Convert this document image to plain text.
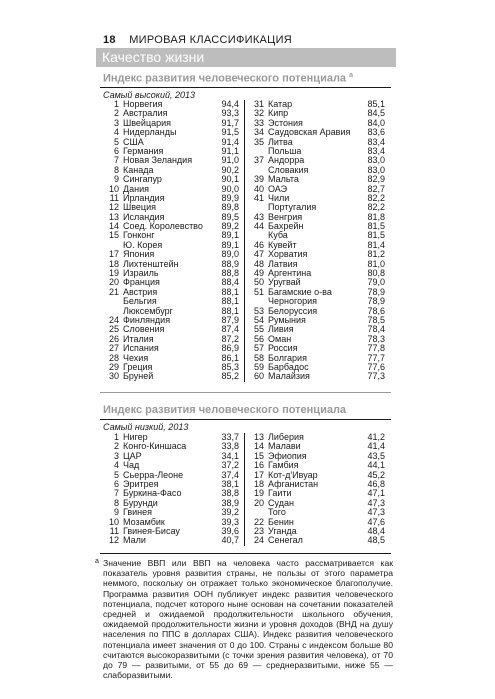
18 МИРОВАЯ КЛАССИФИКАЦИЯ
Качество жизни
Индекс развития человеческого потенциала $^a$
Самый высокий, 2013
1 Норвегия	94,4
2 Австралия	93,3
3 Швейцария	91,7
4 Нидерланды	91,5
5 США	91,4
6 Германия	91,1
7 Новая Зеландия	91,0
8 Канада	90,2
9 Сингапур	90,1
10 Дания	90,0
11 Ирландия	89,9
12 Швеция	89,8
13 Исландия	89,5
14 Соед. Королевство	89,2
15 Гонконг	89,1
Ю. Корея	89,1
17 Япония	89,0
18 Лихтенштейн	88,9
19 Израиль	88,8
20 Франция	88,4
21 Австрия	88,1
Бельгия	88,1
Люксембург	88,1
24 Финляндия	87,9
25 Словения	87,4
26 Италия	87,2
27 Испания	86,9
28 Чехия	86,1
29 Греция	85,3
30 Бруней	85,2
31 Катар	85,1
32 Кипр	84,5
33 Эстония	84,0
34 Саудовская Аравия	83,6
35 Литва	83,4
Польша	83,4
37 Андорра	83,0
Словакия	83,0
39 Мальта	82,9
40 ОАЭ	82,7
41 Чили	82,2
Португалия	82,2
43 Венгрия	81,8
44 Бахрейн	81,5
Куба	81,5
46 Кувейт	81,4
47 Хорватия	81,2
48 Латвия	81,0
49 Аргентина	80,8
50 Уругвай	79,0
51 Багамские о-ва	78,9
Черногория	78,9
53 Белоруссия	78,6
54 Румыния	78,5
55 Ливия	78,4
56 Оман	78,3
57 Россия	77,8
58 Болгария	77,7
59 Барбадос	77,6
60 Малайзия	77,3
Индекс развития человеческого потенциала
Самый низкий, 2013
1 Нигер	33,7
2 Конго-Киншаса	33,8
3 ЦАР	34,1
4 Чад	37,2
5 Сьерра-Леоне	37,4
6 Эритрея	38,1
7 Буркина-Фасо	38,8
8 Бурунди	38,9
9 Гвинея	39,2
10 Мозамбик	39,3
11 Гвинея-Бисау	39,6
12 Мали	40,7
13 Либерия	41,2
14 Малави	41,4
15 Эфиопия	43,5
16 Гамбия	44,1
17 Кот-д'Ивуар	45,2
18 Афганистан	46,8
19 Гаити	47,1
20 Судан	47,3
Того	47,3
22 Бенин	47,6
23 Уганда	48,4
24 Сенегал	48,5
a Значение ВВП или ВВП на человека часто рассматривается как показатель уровня развития страны, не пользы от этого параметра неммого, поскольку он отражает только экономическое благополучие. Программа развития ООН публикует индекс развития человеческого потенциала, подсчет которого ныне основан на сочетании показателей средней и ожидаемой продолжительности школьного обучения, ожидаемой продолжительности жизни и уровня доходов (ВНД на душу населения по ППС в долларах США). Индекс развития человеческого потенциала имеет значения от 0 до 100. Страны с индексом больше 80 считаются высокоразвитыми (с точки зрения развития человека), от 70 до 79 — развитыми, от 55 до 69 — среднеразвитыми, ниже 55 — слаборазвитыми.
